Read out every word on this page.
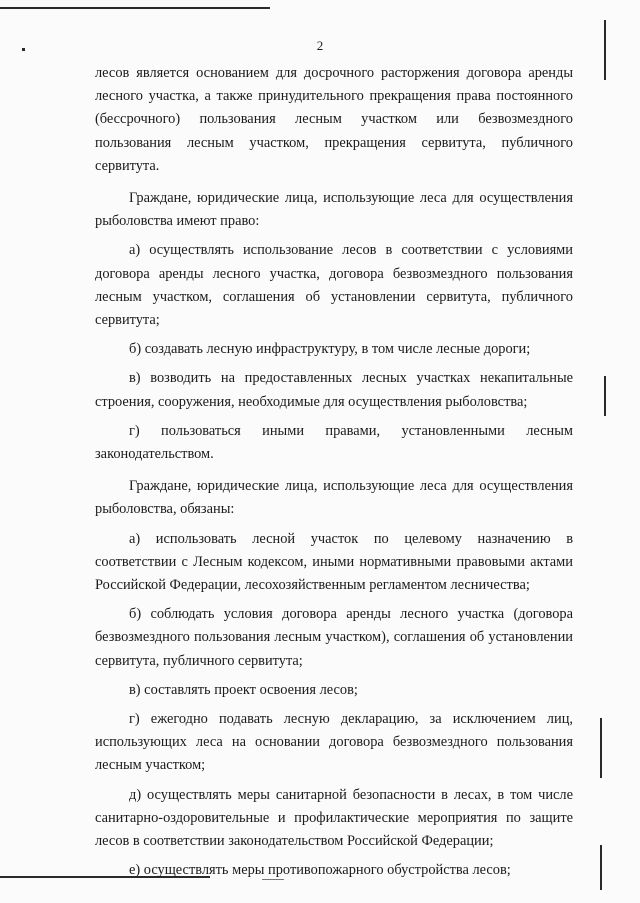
2

лесов является основанием для досрочного расторжения договора аренды лесного участка, а также принудительного прекращения права постоянного (бессрочного) пользования лесным участком или безвозмездного пользования лесным участком, прекращения сервитута, публичного сервитута.

Граждане, юридические лица, использующие леса для осуществления рыболовства имеют право:

а) осуществлять использование лесов в соответствии с условиями договора аренды лесного участка, договора безвозмездного пользования лесным участком, соглашения об установлении сервитута, публичного сервитута;

б) создавать лесную инфраструктуру, в том числе лесные дороги;

в) возводить на предоставленных лесных участках некапитальные строения, сооружения, необходимые для осуществления рыболовства;

г) пользоваться иными правами, установленными лесным законодательством.

Граждане, юридические лица, использующие леса для осуществления рыболовства, обязаны:

а) использовать лесной участок по целевому назначению в соответствии с Лесным кодексом, иными нормативными правовыми актами Российской Федерации, лесохозяйственным регламентом лесничества;

б) соблюдать условия договора аренды лесного участка (договора безвозмездного пользования лесным участком), соглашения об установлении сервитута, публичного сервитута;

в) составлять проект освоения лесов;

г) ежегодно подавать лесную декларацию, за исключением лиц, использующих леса на основании договора безвозмездного пользования лесным участком;

д) осуществлять меры санитарной безопасности в лесах, в том числе санитарно-оздоровительные и профилактические мероприятия по защите лесов в соответствии законодательством Российской Федерации;

е) осуществлять меры противопожарного обустройства лесов;
